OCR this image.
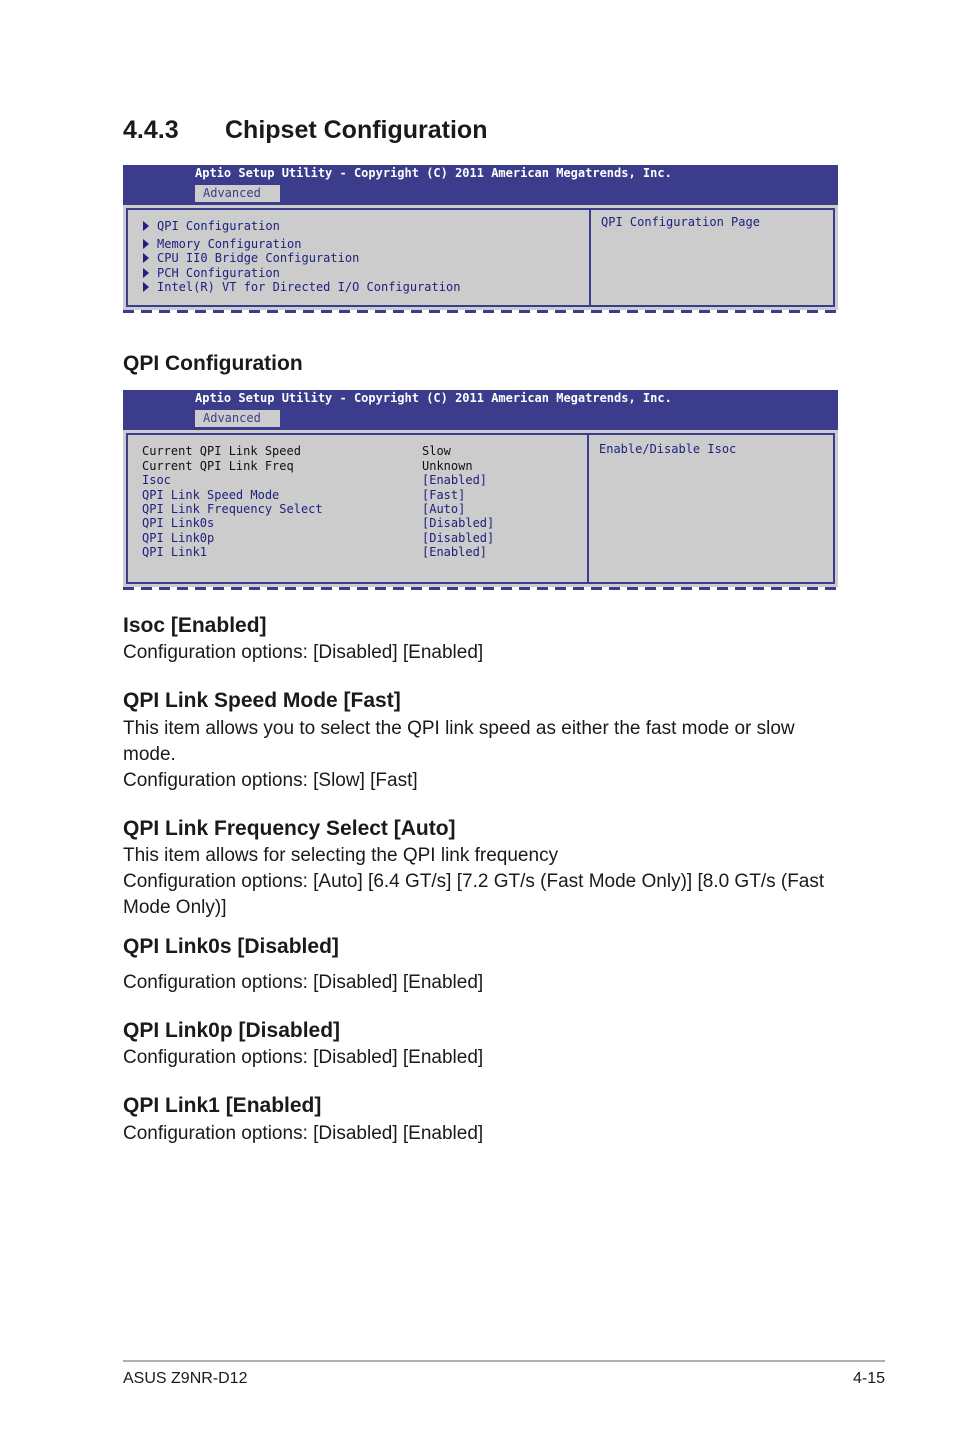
4.4.3 Chipset Configuration
Aptio Setup Utility - Copyright (C) 2011 American Megatrends, Inc.
Advanced
QPI Configuration
Memory Configuration
CPU II0 Bridge Configuration
PCH Configuration
Intel(R) VT for Directed I/O Configuration
QPI Configuration Page
QPI Configuration
Aptio Setup Utility - Copyright (C) 2011 American Megatrends, Inc.
Advanced
Current QPI Link Speed	Slow
Current QPI Link Freq	Unknown
Isoc	[Enabled]
QPI Link Speed Mode	[Fast]
QPI Link Frequency Select	[Auto]
QPI Link0s	[Disabled]
QPI Link0p	[Disabled]
QPI Link1	[Enabled]
Enable/Disable Isoc
Isoc [Enabled]

Configuration options: [Disabled] [Enabled]

QPI Link Speed Mode [Fast]

This item allows you to select the QPI link speed as either the fast mode or slow mode.

Configuration options: [Slow] [Fast]

QPI Link Frequency Select [Auto]

This item allows for selecting the QPI link frequency

Configuration options: [Auto] [6.4 GT/s] [7.2 GT/s (Fast Mode Only)] [8.0 GT/s (Fast Mode Only)]

QPI Link0s [Disabled]

Configuration options: [Disabled] [Enabled]

QPI Link0p [Disabled]

Configuration options: [Disabled] [Enabled]

QPI Link1 [Enabled]

Configuration options: [Disabled] [Enabled]

ASUS Z9NR-D12	4-15
